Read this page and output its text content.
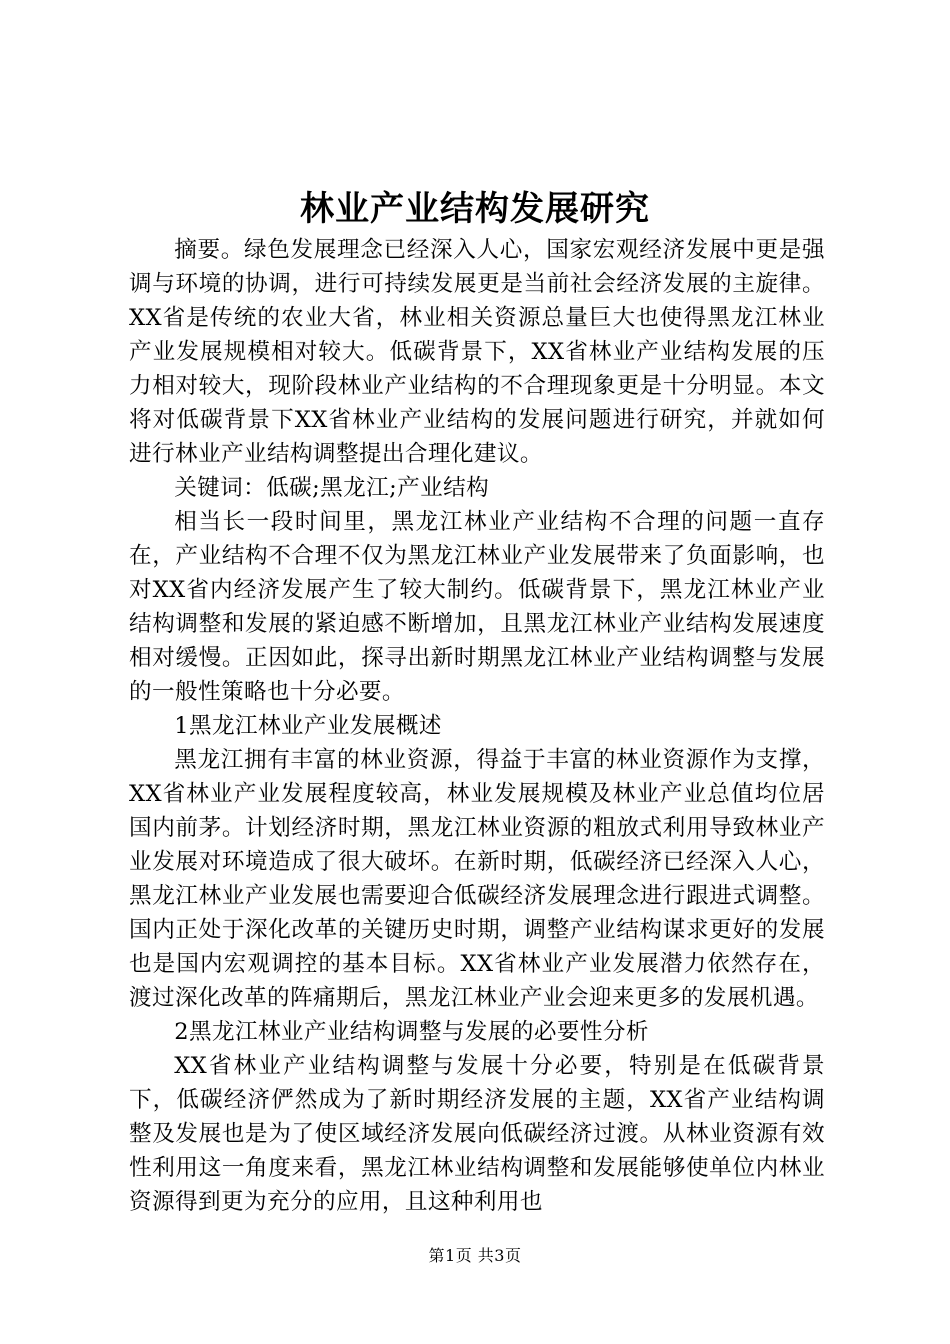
林业产业结构发展研究

摘要。绿色发展理念已经深入人心，国家宏观经济发展中更是强调与环境的协调，进行可持续发展更是当前社会经济发展的主旋律。XX省是传统的农业大省，林业相关资源总量巨大也使得黑龙江林业产业发展规模相对较大。低碳背景下，XX省林业产业结构发展的压力相对较大，现阶段林业产业结构的不合理现象更是十分明显。本文将对低碳背景下XX省林业产业结构的发展问题进行研究，并就如何进行林业产业结构调整提出合理化建议。

关键词：低碳;黑龙江;产业结构

相当长一段时间里，黑龙江林业产业结构不合理的问题一直存在，产业结构不合理不仅为黑龙江林业产业发展带来了负面影响，也对XX省内经济发展产生了较大制约。低碳背景下，黑龙江林业产业结构调整和发展的紧迫感不断增加，且黑龙江林业产业结构发展速度相对缓慢。正因如此，探寻出新时期黑龙江林业产业结构调整与发展的一般性策略也十分必要。

1黑龙江林业产业发展概述

黑龙江拥有丰富的林业资源，得益于丰富的林业资源作为支撑，XX省林业产业发展程度较高，林业发展规模及林业产业总值均位居国内前茅。计划经济时期，黑龙江林业资源的粗放式利用导致林业产业发展对环境造成了很大破坏。在新时期，低碳经济已经深入人心，黑龙江林业产业发展也需要迎合低碳经济发展理念进行跟进式调整。国内正处于深化改革的关键历史时期，调整产业结构谋求更好的发展也是国内宏观调控的基本目标。XX省林业产业发展潜力依然存在，渡过深化改革的阵痛期后，黑龙江林业产业会迎来更多的发展机遇。

2黑龙江林业产业结构调整与发展的必要性分析

XX省林业产业结构调整与发展十分必要，特别是在低碳背景下，低碳经济俨然成为了新时期经济发展的主题，XX省产业结构调整及发展也是为了使区域经济发展向低碳经济过渡。从林业资源有效性利用这一角度来看，黑龙江林业结构调整和发展能够使单位内林业资源得到更为充分的应用，且这种利用也

第1页 共3页
